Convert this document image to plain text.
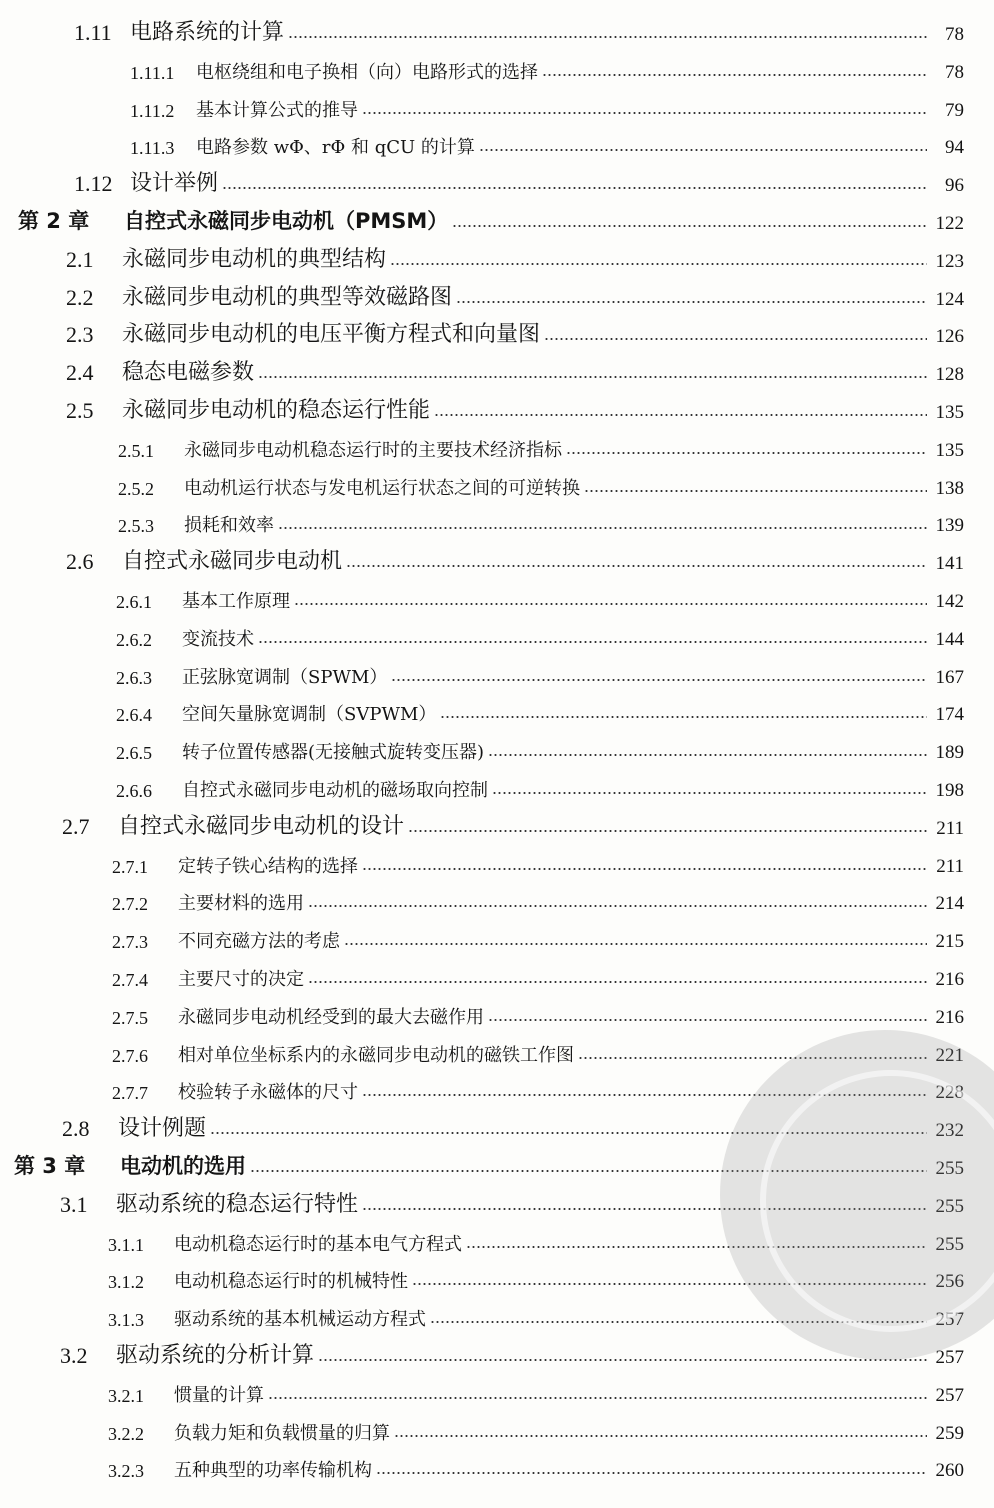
1.11 电路系统的计算	78
1.11.1	电枢绕组和电子换相（向）电路形式的选择	78
1.11.2	基本计算公式的推导	79
1.11.3	电路参数 wΦ、rΦ 和 qCU 的计算	94
1.12 设计举例	96
第 2 章	自控式永磁同步电动机（PMSM）	122
2.1	永磁同步电动机的典型结构	123
2.2	永磁同步电动机的典型等效磁路图	124
2.3	永磁同步电动机的电压平衡方程式和向量图	126
2.4	稳态电磁参数	128
2.5	永磁同步电动机的稳态运行性能	135
2.5.1	永磁同步电动机稳态运行时的主要技术经济指标	135
2.5.2	电动机运行状态与发电机运行状态之间的可逆转换	138
2.5.3	损耗和效率	139
2.6	自控式永磁同步电动机	141
2.6.1	基本工作原理	142
2.6.2	变流技术	144
2.6.3	正弦脉宽调制（SPWM）	167
2.6.4	空间矢量脉宽调制（SVPWM）	174
2.6.5	转子位置传感器(无接触式旋转变压器)	189
2.6.6	自控式永磁同步电动机的磁场取向控制	198
2.7	自控式永磁同步电动机的设计	211
2.7.1	定转子铁心结构的选择	211
2.7.2	主要材料的选用	214
2.7.3	不同充磁方法的考虑	215
2.7.4	主要尺寸的决定	216
2.7.5	永磁同步电动机经受到的最大去磁作用	216
2.7.6	相对单位坐标系内的永磁同步电动机的磁铁工作图	221
2.7.7	校验转子永磁体的尺寸	228
2.8	设计例题	232
第 3 章	电动机的选用	255
3.1	驱动系统的稳态运行特性	255
3.1.1	电动机稳态运行时的基本电气方程式	255
3.1.2	电动机稳态运行时的机械特性	256
3.1.3	驱动系统的基本机械运动方程式	257
3.2	驱动系统的分析计算	257
3.2.1	惯量的计算	257
3.2.2	负载力矩和负载惯量的归算	259
3.2.3	五种典型的功率传输机构	260
